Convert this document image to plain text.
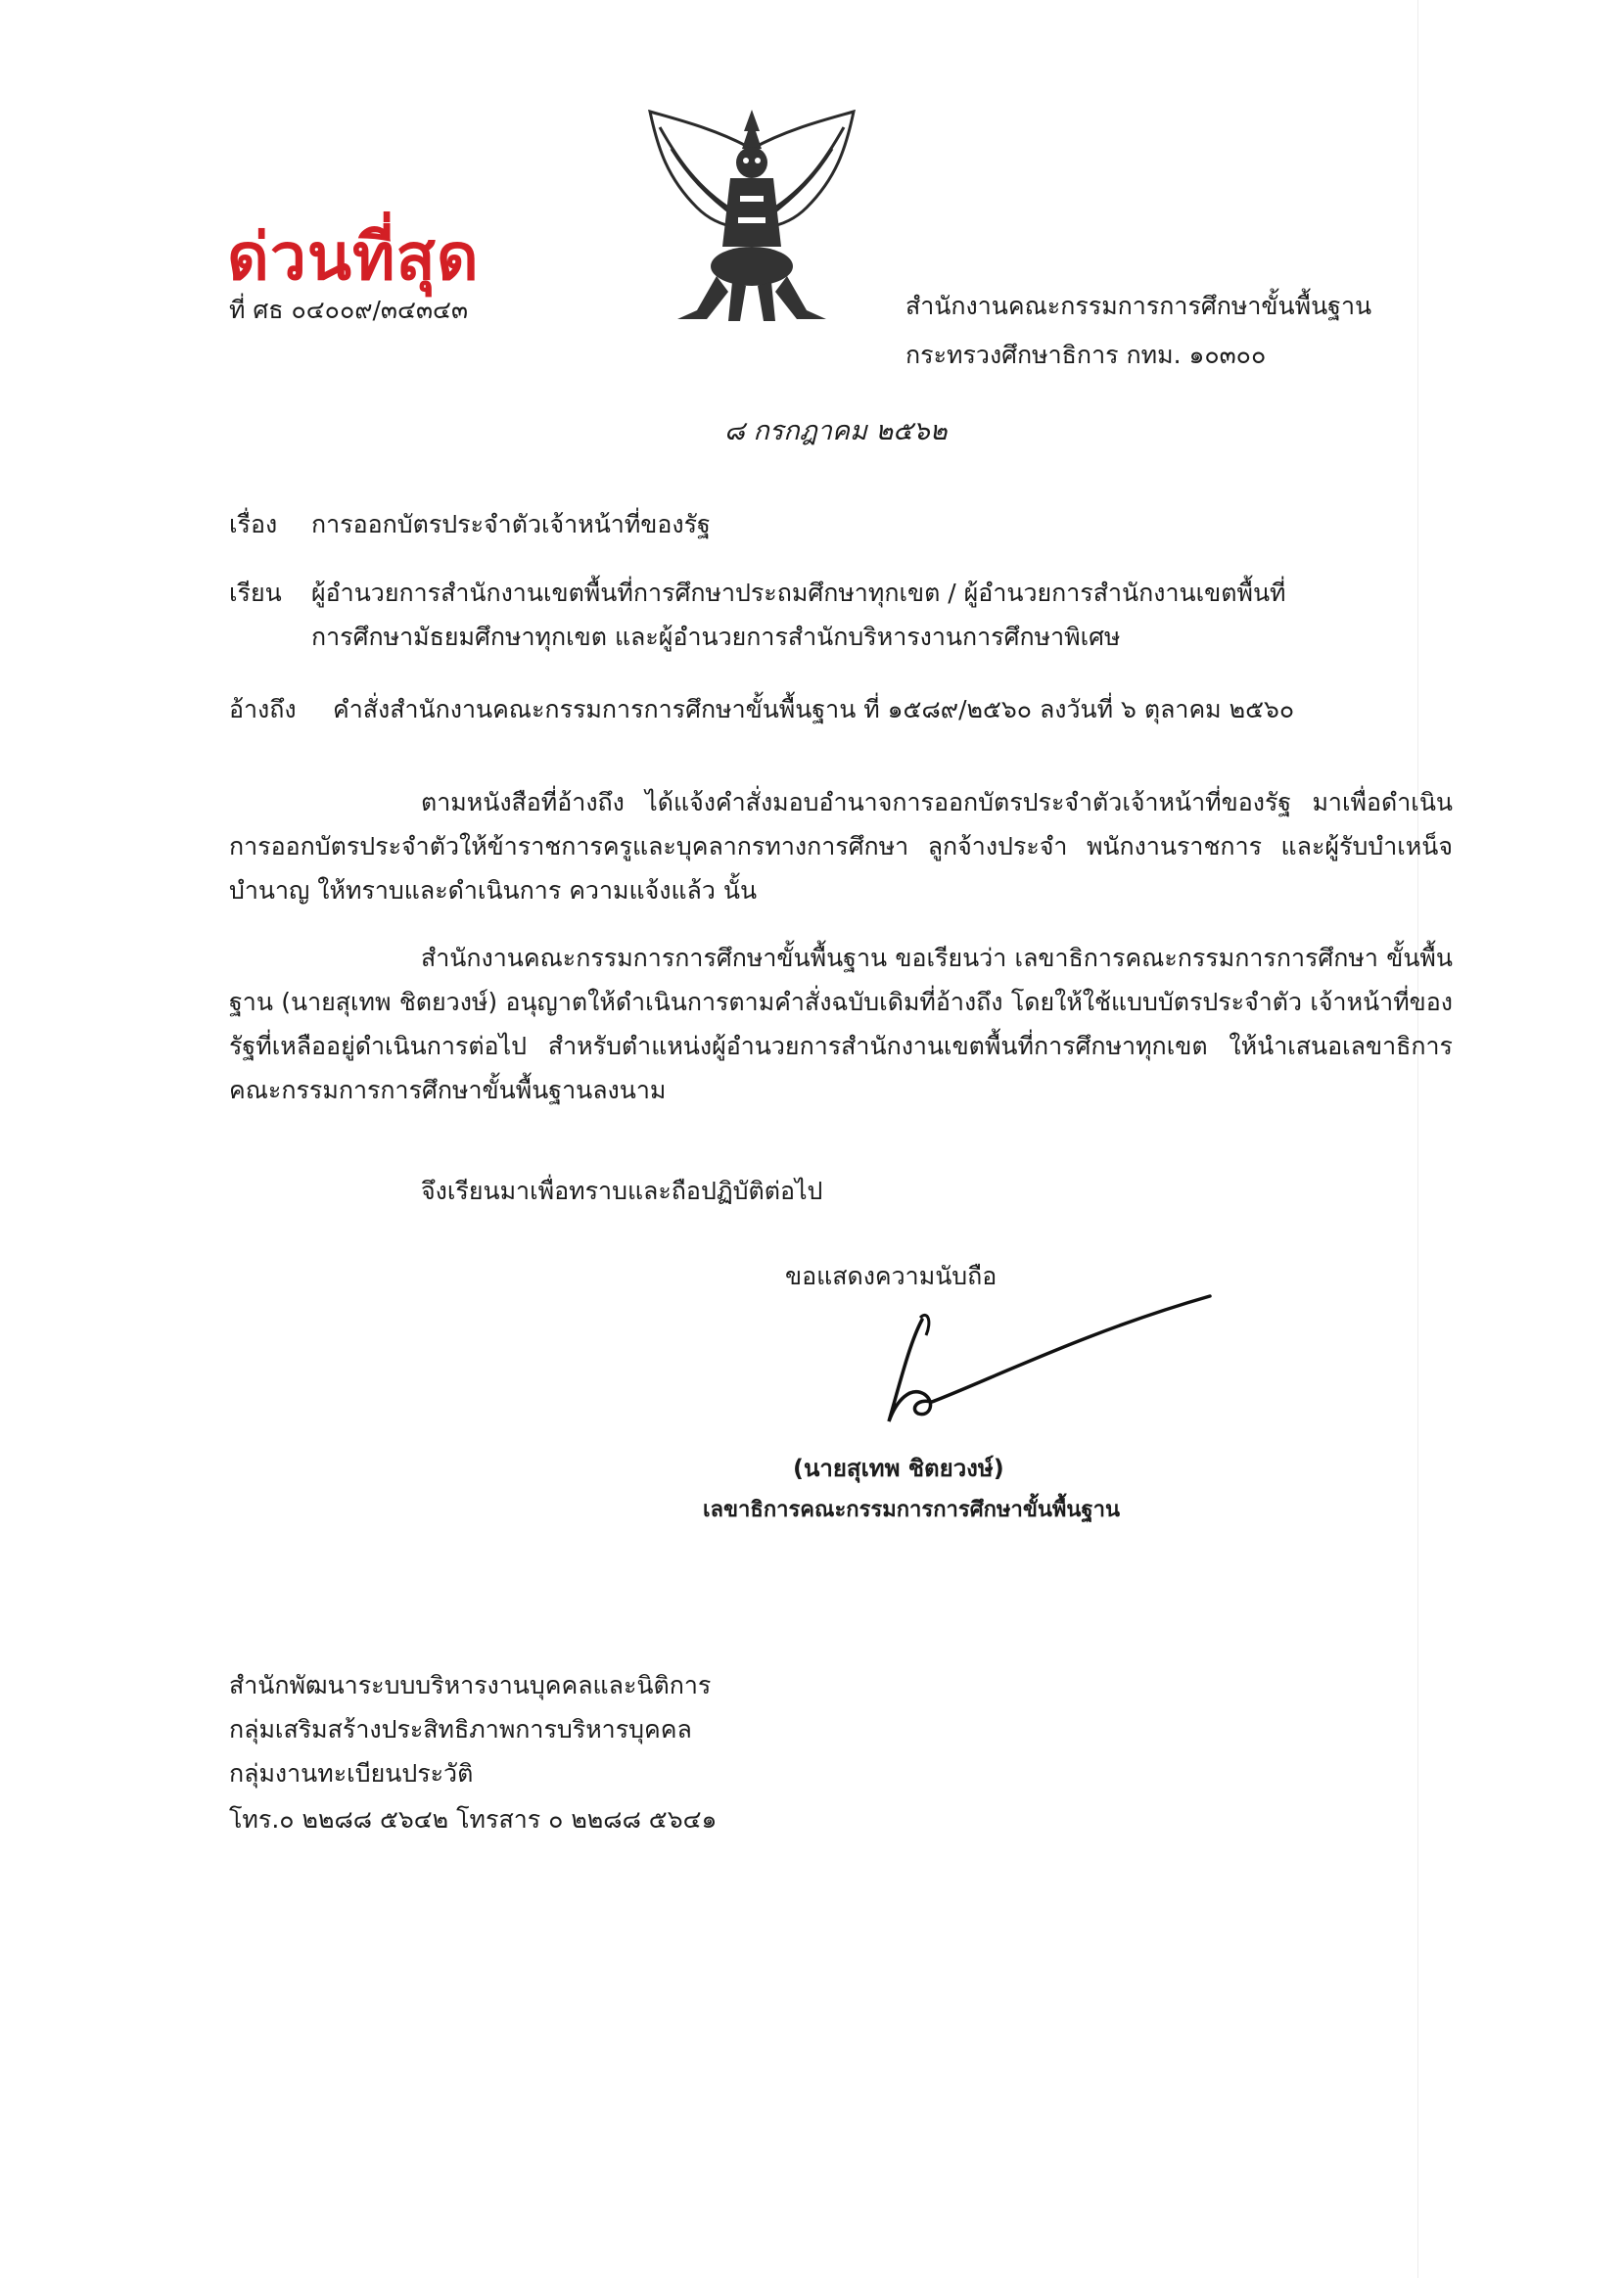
ด่วนที่สุด
ที่ ศธ ๐๔๐๐๙/๓๔๓๔๓	สำนักงานคณะกรรมการการศึกษาขั้นพื้นฐาน
กระทรวงศึกษาธิการ กทม. ๑๐๓๐๐
๘ กรกฎาคม ๒๕๖๒
เรื่อง การออกบัตรประจำตัวเจ้าหน้าที่ของรัฐ
เรียน ผู้อำนวยการสำนักงานเขตพื้นที่การศึกษาประถมศึกษาทุกเขต / ผู้อำนวยการสำนักงานเขตพื้นที่
การศึกษามัธยมศึกษาทุกเขต และผู้อำนวยการสำนักบริหารงานการศึกษาพิเศษ
อ้างถึง คำสั่งสำนักงานคณะกรรมการการศึกษาขั้นพื้นฐาน ที่ ๑๕๘๙/๒๕๖๐ ลงวันที่ ๖ ตุลาคม ๒๕๖๐
ตามหนังสือที่อ้างถึง ได้แจ้งคำสั่งมอบอำนาจการออกบัตรประจำตัวเจ้าหน้าที่ของรัฐ มาเพื่อดำเนินการออกบัตรประจำตัวให้ข้าราชการครูและบุคลากรทางการศึกษา ลูกจ้างประจำ พนักงานราชการ และผู้รับบำเหน็จบำนาญ ให้ทราบและดำเนินการ ความแจ้งแล้ว นั้น
สำนักงานคณะกรรมการการศึกษาขั้นพื้นฐาน ขอเรียนว่า เลขาธิการคณะกรรมการการศึกษา ขั้นพื้นฐาน (นายสุเทพ ชิตยวงษ์) อนุญาตให้ดำเนินการตามคำสั่งฉบับเดิมที่อ้างถึง โดยให้ใช้แบบบัตรประจำตัว เจ้าหน้าที่ของรัฐที่เหลืออยู่ดำเนินการต่อไป สำหรับตำแหน่งผู้อำนวยการสำนักงานเขตพื้นที่การศึกษาทุกเขต ให้นำเสนอเลขาธิการคณะกรรมการการศึกษาขั้นพื้นฐานลงนาม
จึงเรียนมาเพื่อทราบและถือปฏิบัติต่อไป
ขอแสดงความนับถือ
(นายสุเทพ ชิตยวงษ์)
เลขาธิการคณะกรรมการการศึกษาขั้นพื้นฐาน
สำนักพัฒนาระบบบริหารงานบุคคลและนิติการ
กลุ่มเสริมสร้างประสิทธิภาพการบริหารบุคคล
กลุ่มงานทะเบียนประวัติ
โทร.๐ ๒๒๘๘ ๕๖๔๒ โทรสาร ๐ ๒๒๘๘ ๕๖๔๑
